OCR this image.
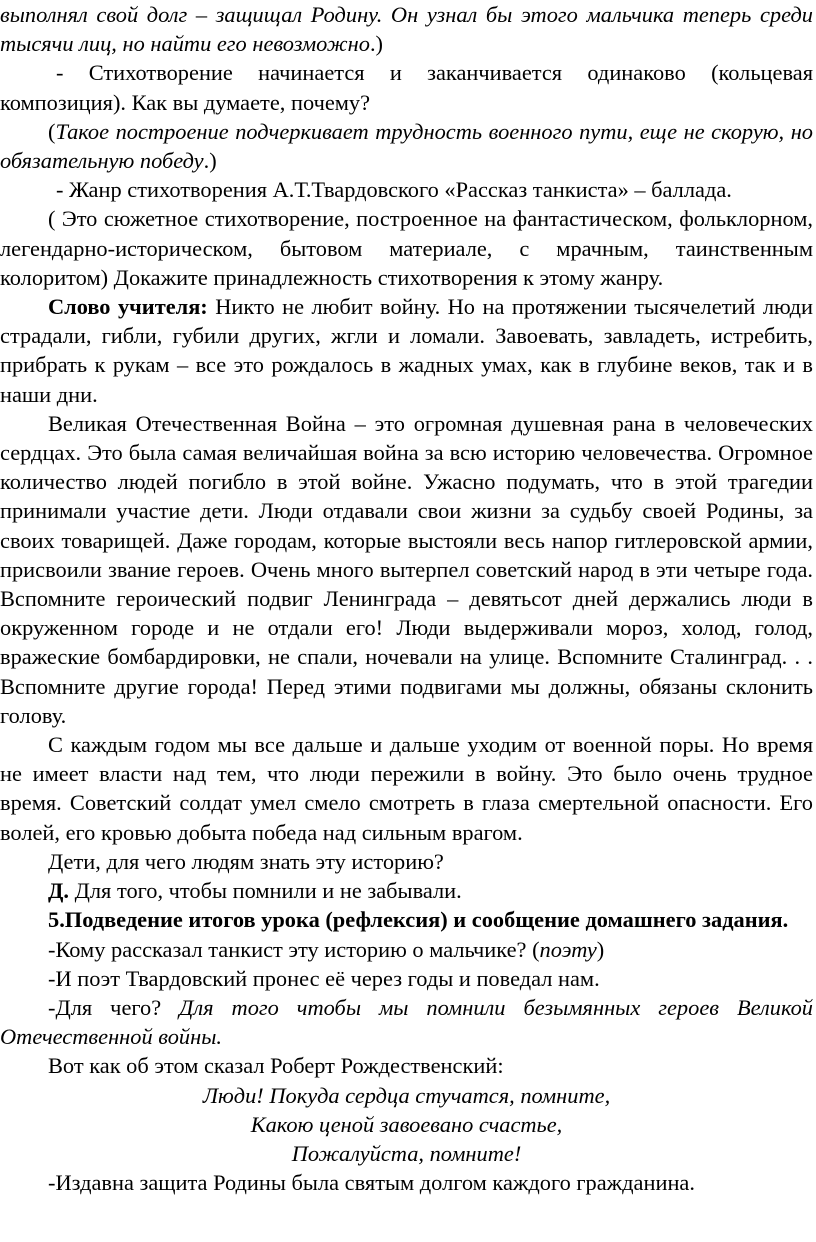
выполнял свой долг – защищал Родину. Он узнал бы этого мальчика теперь среди тысячи лиц, но найти его невозможно.)

- Стихотворение начинается и заканчивается одинаково (кольцевая композиция). Как вы думаете, почему?

(Такое построение подчеркивает трудность военного пути, еще не скорую, но обязательную победу.)

- Жанр стихотворения А.Т.Твардовского «Рассказ танкиста» – баллада.

( Это сюжетное стихотворение, построенное на фантастическом, фольклорном, легендарно-историческом, бытовом материале, с мрачным, таинственным колоритом) Докажите принадлежность стихотворения к этому жанру.

Слово учителя: Никто не любит войну. Но на протяжении тысячелетий люди страдали, гибли, губили других, жгли и ломали. Завоевать, завладеть, истребить, прибрать к рукам – все это рождалось в жадных умах, как в глубине веков, так и в наши дни.

Великая Отечественная Война – это огромная душевная рана в человеческих сердцах. Это была самая величайшая война за всю историю человечества. Огромное количество людей погибло в этой войне. Ужасно подумать, что в этой трагедии принимали участие дети. Люди отдавали свои жизни за судьбу своей Родины, за своих товарищей. Даже городам, которые выстояли весь напор гитлеровской армии, присвоили звание героев. Очень много вытерпел советский народ в эти четыре года. Вспомните героический подвиг Ленинграда – девятьсот дней держались люди в окруженном городе и не отдали его! Люди выдерживали мороз, холод, голод, вражеские бомбардировки, не спали, ночевали на улице. Вспомните Сталинград. . . Вспомните другие города! Перед этими подвигами мы должны, обязаны склонить голову.

С каждым годом мы все дальше и дальше уходим от военной поры. Но время не имеет власти над тем, что люди пережили в войну. Это было очень трудное время. Советский солдат умел смело смотреть в глаза смертельной опасности. Его волей, его кровью добыта победа над сильным врагом.

Дети, для чего людям знать эту историю?

Д. Для того, чтобы помнили и не забывали.

5.Подведение итогов урока (рефлексия) и сообщение домашнего задания.

-Кому рассказал танкист эту историю о мальчике? (поэту)

-И поэт Твардовский пронес её через годы и поведал нам.

-Для чего? Для того чтобы мы помнили безымянных героев Великой Отечественной войны.

Вот как об этом сказал Роберт Рождественский:

Люди! Покуда сердца стучатся, помните,

Какою ценой завоевано счастье,

Пожалуйста, помните!

-Издавна защита Родины была святым долгом каждого гражданина.
